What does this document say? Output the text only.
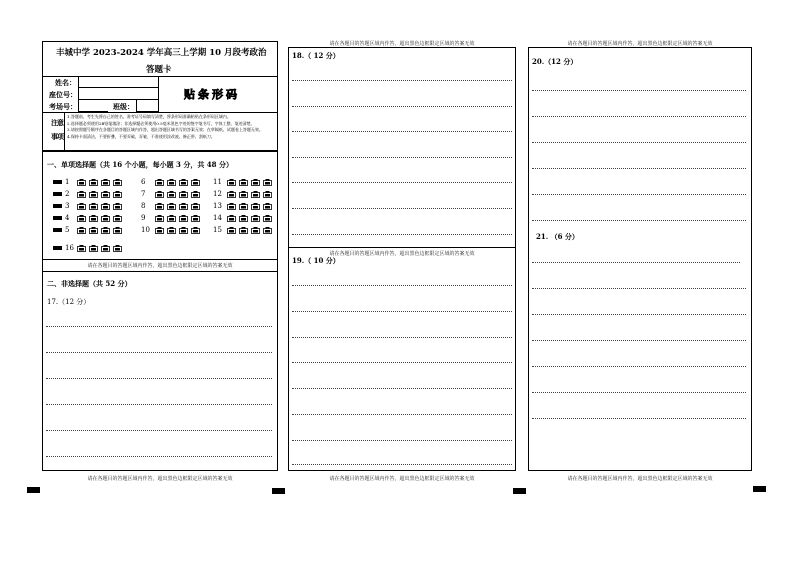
丰城中学 2023-2024 学年高三上学期 10 月段考政治
答题卡
姓名：
座位号：
考场号：	班级：
贴条形码
注 意
事 项
1.答题前，考生先将自己的姓名、准考证号码填写清楚，将条形码准确粘贴在条形码区域内。
2.选择题必须使用2B铅笔填涂；非选择题必须使用0.5毫米黑色字迹的签字笔书写，字体工整、笔迹清楚。
3.请按照题号顺序在各题目的答题区域内作答，超出答题区域书写的答案无效；在草稿纸、试题卷上答题无效。
4.保持卡面清洁，不要折叠、不要弄破、弄皱，不准使用涂改液、修正带、刮纸刀。
一、单项选择题（共 16 个小题，每小题 3 分，共 48 分）
1
2
3
4
5
6
7
8
9
10
11
12
13
14
15
16
请在各题目的答题区域内作答，超出黑色边框限定区域的答案无效
二、非选择题（共 52 分）
17.（12 分）
请在各题目的答题区域内作答，超出黑色边框限定区域的答案无效
请在各题目的答题区域内作答，超出黑色边框限定区域的答案无效
18.（ 12 分）
请在各题目的答题区域内作答，超出黑色边框限定区域的答案无效
19.（ 10 分）
请在各题目的答题区域内作答，超出黑色边框限定区域的答案无效
请在各题目的答题区域内作答，超出黑色边框限定区域的答案无效
20.（12 分）
21. （6 分）
请在各题目的答题区域内作答，超出黑色边框限定区域的答案无效
